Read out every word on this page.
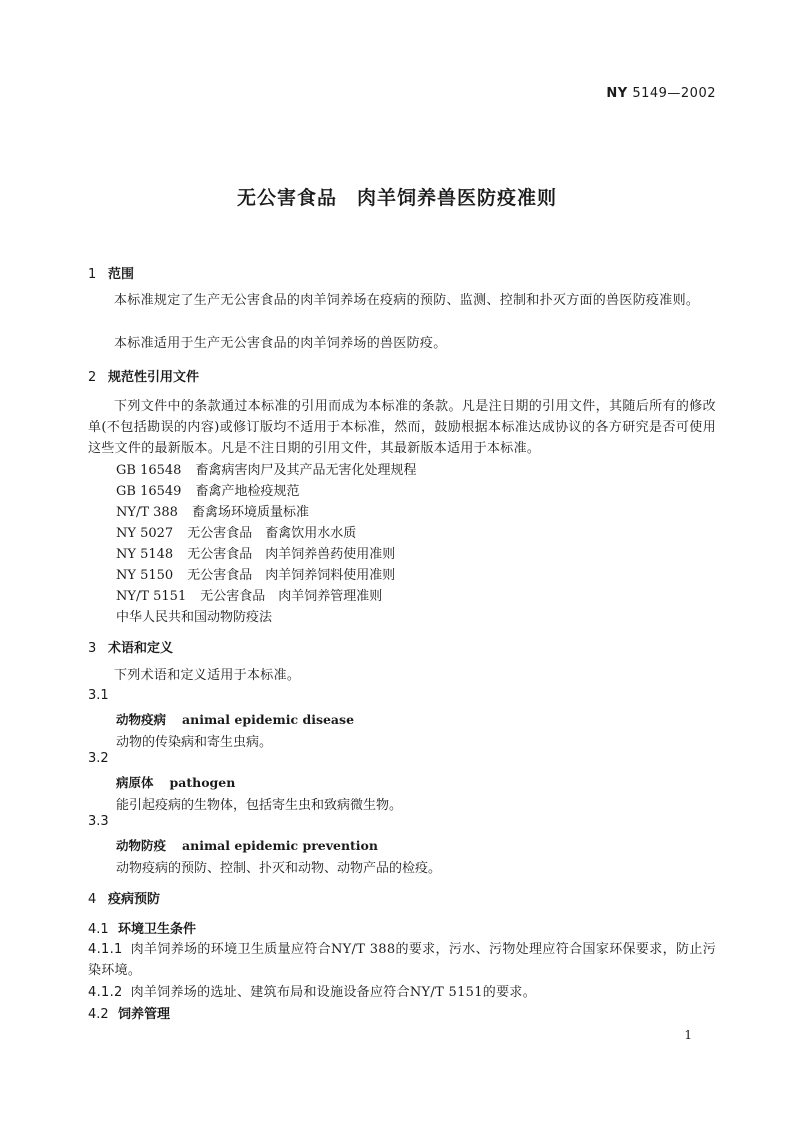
NY 5149—2002
无公害食品　肉羊饲养兽医防疫准则
1 范围
本标准规定了生产无公害食品的肉羊饲养场在疫病的预防、监测、控制和扑灭方面的兽医防疫准则。
本标准适用于生产无公害食品的肉羊饲养场的兽医防疫。
2 规范性引用文件
下列文件中的条款通过本标准的引用而成为本标准的条款。凡是注日期的引用文件，其随后所有的修改单(不包括勘误的内容)或修订版均不适用于本标准，然而，鼓励根据本标准达成协议的各方研究是否可使用这些文件的最新版本。凡是不注日期的引用文件，其最新版本适用于本标准。
GB 16548 畜禽病害肉尸及其产品无害化处理规程
GB 16549 畜禽产地检疫规范
NY/T 388 畜禽场环境质量标准
NY 5027 无公害食品　畜禽饮用水水质
NY 5148 无公害食品　肉羊饲养兽药使用准则
NY 5150 无公害食品　肉羊饲养饲料使用准则
NY/T 5151 无公害食品　肉羊饲养管理准则
中华人民共和国动物防疫法
3 术语和定义
下列术语和定义适用于本标准。
3.1
动物疫病 animal epidemic disease
动物的传染病和寄生虫病。
3.2
病原体 pathogen
能引起疫病的生物体，包括寄生虫和致病微生物。
3.3
动物防疫 animal epidemic prevention
动物疫病的预防、控制、扑灭和动物、动物产品的检疫。
4 疫病预防
4.1 环境卫生条件
4.1.1 肉羊饲养场的环境卫生质量应符合NY/T 388的要求，污水、污物处理应符合国家环保要求，防止污染环境。
4.1.2 肉羊饲养场的选址、建筑布局和设施设备应符合NY/T 5151的要求。
4.2 饲养管理
1
